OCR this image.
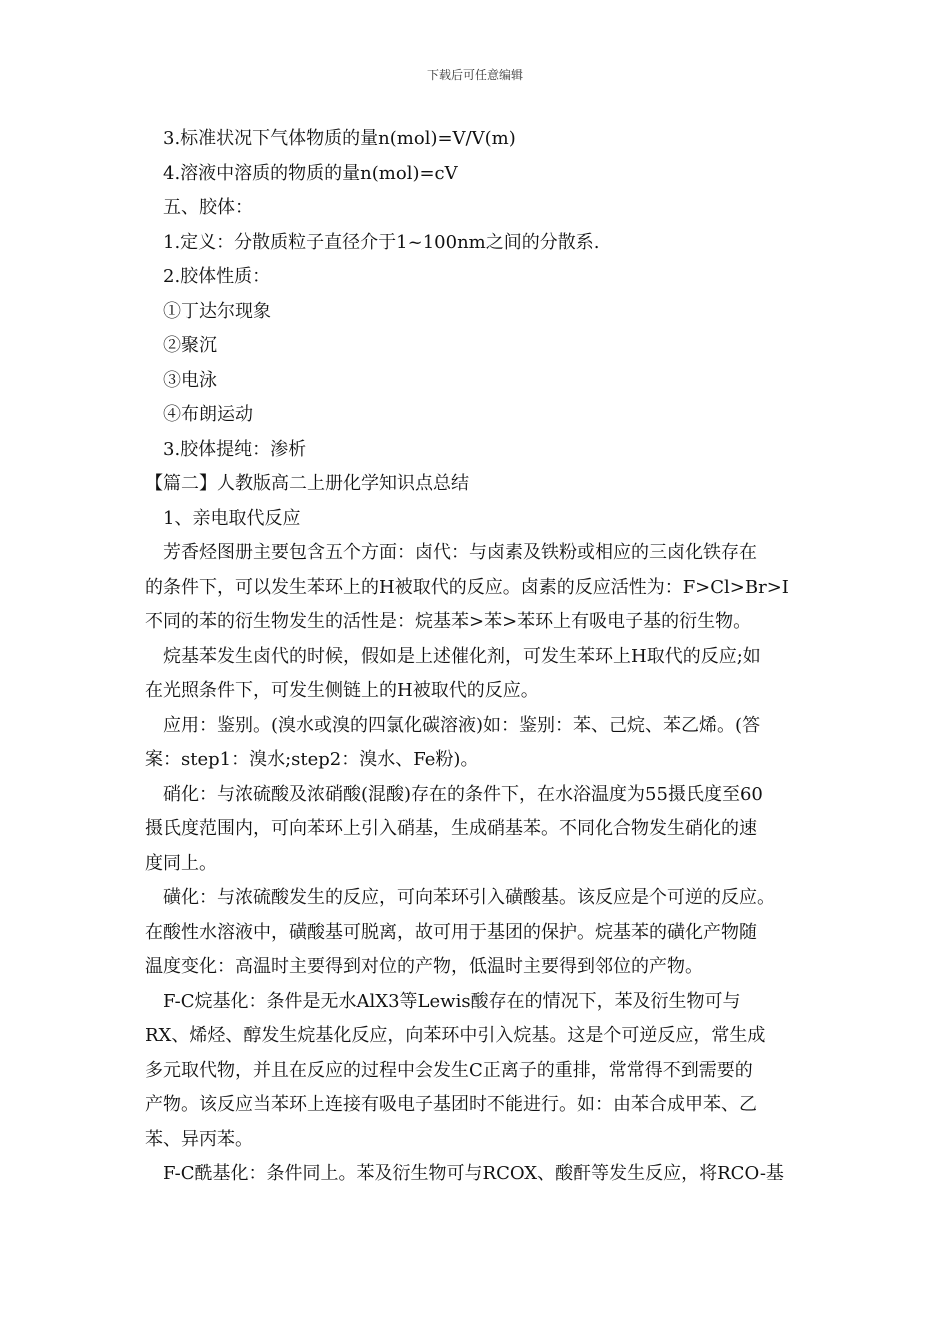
下载后可任意编辑
3.标准状况下气体物质的量n(mol)=V/V(m)
4.溶液中溶质的物质的量n(mol)=cV
五、胶体：
1.定义：分散质粒子直径介于1~100nm之间的分散系.
2.胶体性质：
①丁达尔现象
②聚沉
③电泳
④布朗运动
3.胶体提纯：渗析
【篇二】人教版高二上册化学知识点总结
1、亲电取代反应
芳香烃图册主要包含五个方面：卤代：与卤素及铁粉或相应的三卤化铁存在
的条件下，可以发生苯环上的H被取代的反应。卤素的反应活性为：F>Cl>Br>I
不同的苯的衍生物发生的活性是：烷基苯>苯>苯环上有吸电子基的衍生物。
烷基苯发生卤代的时候，假如是上述催化剂，可发生苯环上H取代的反应;如
在光照条件下，可发生侧链上的H被取代的反应。
应用：鉴别。(溴水或溴的四氯化碳溶液)如：鉴别：苯、己烷、苯乙烯。(答
案：step1：溴水;step2：溴水、Fe粉)。
硝化：与浓硫酸及浓硝酸(混酸)存在的条件下，在水浴温度为55摄氏度至60
摄氏度范围内，可向苯环上引入硝基，生成硝基苯。不同化合物发生硝化的速
度同上。
磺化：与浓硫酸发生的反应，可向苯环引入磺酸基。该反应是个可逆的反应。
在酸性水溶液中，磺酸基可脱离，故可用于基团的保护。烷基苯的磺化产物随
温度变化：高温时主要得到对位的产物，低温时主要得到邻位的产物。
F-C烷基化：条件是无水AlX3等Lewis酸存在的情况下，苯及衍生物可与
RX、烯烃、醇发生烷基化反应，向苯环中引入烷基。这是个可逆反应，常生成
多元取代物，并且在反应的过程中会发生C正离子的重排，常常得不到需要的
产物。该反应当苯环上连接有吸电子基团时不能进行。如：由苯合成甲苯、乙
苯、异丙苯。
F-C酰基化：条件同上。苯及衍生物可与RCOX、酸酐等发生反应，将RCO-基
